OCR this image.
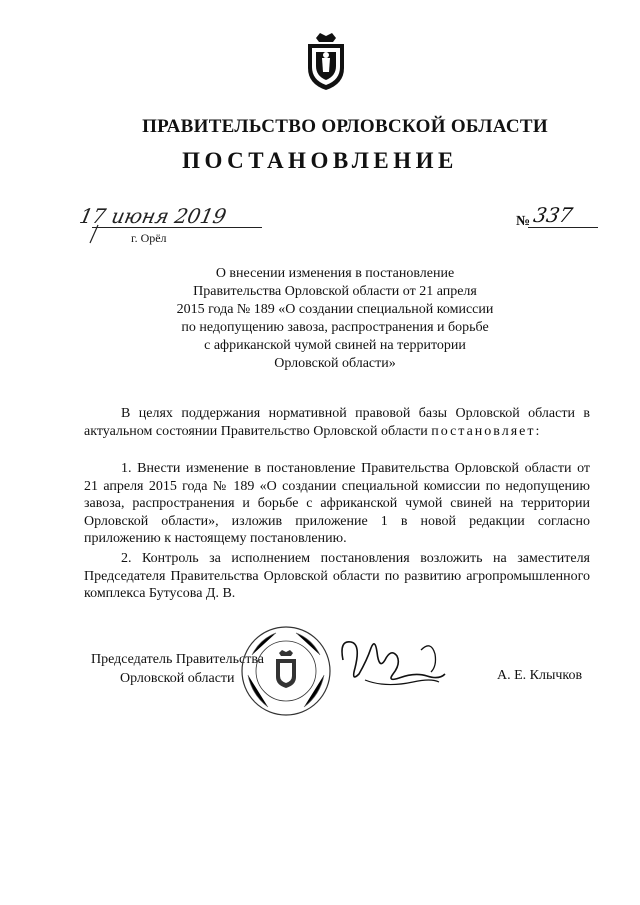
ПРАВИТЕЛЬСТВО ОРЛОВСКОЙ ОБЛАСТИ
ПОСТАНОВЛЕНИЕ
17 июня 2019
г. Орёл
№ 337
О внесении изменения в постановление
Правительства Орловской области от 21 апреля
2015 года № 189 «О создании специальной комиссии
по недопущению завоза, распространения и борьбе
с африканской чумой свиней на территории
Орловской области»
В целях поддержания нормативной правовой базы Орловской области в актуальном состоянии Правительство Орловской области постановляет:
1. Внести изменение в постановление Правительства Орловской области от 21 апреля 2015 года № 189 «О создании специальной комиссии по недопущению завоза, распространения и борьбе с африканской чумой свиней на территории Орловской области», изложив приложение 1 в новой редакции согласно приложению к настоящему постановлению.
2. Контроль за исполнением постановления возложить на заместителя Председателя Правительства Орловской области по развитию агропромышленного комплекса Бутусова Д. В.
Председатель Правительства
Орловской области	А. Е. Клычков
